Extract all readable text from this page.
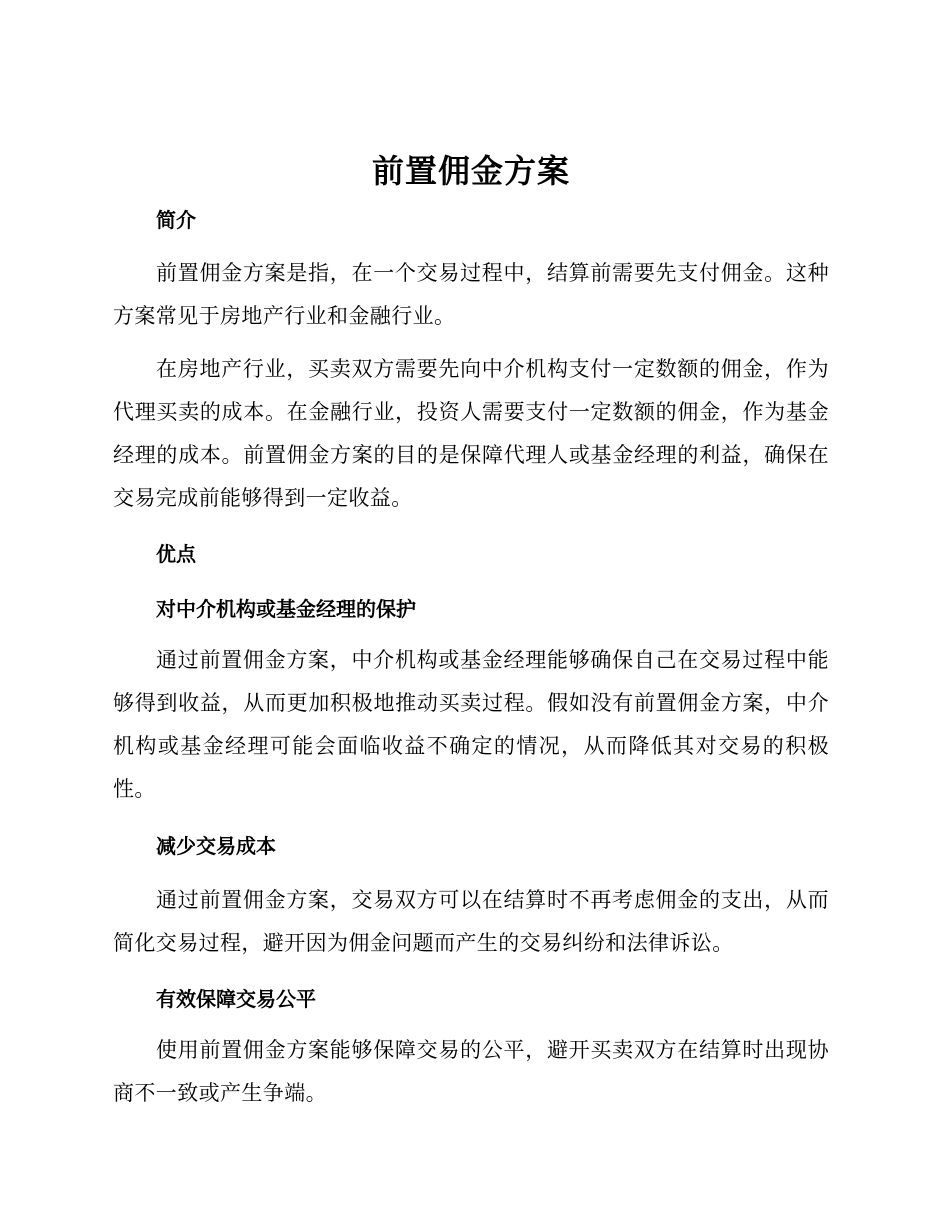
前置佣金方案
简介

前置佣金方案是指，在一个交易过程中，结算前需要先支付佣金。这种方案常见于房地产行业和金融行业。

在房地产行业，买卖双方需要先向中介机构支付一定数额的佣金，作为代理买卖的成本。在金融行业，投资人需要支付一定数额的佣金，作为基金经理的成本。前置佣金方案的目的是保障代理人或基金经理的利益，确保在交易完成前能够得到一定收益。

优点
对中介机构或基金经理的保护

通过前置佣金方案，中介机构或基金经理能够确保自己在交易过程中能够得到收益，从而更加积极地推动买卖过程。假如没有前置佣金方案，中介机构或基金经理可能会面临收益不确定的情况，从而降低其对交易的积极性。

减少交易成本

通过前置佣金方案，交易双方可以在结算时不再考虑佣金的支出，从而简化交易过程，避开因为佣金问题而产生的交易纠纷和法律诉讼。

有效保障交易公平

使用前置佣金方案能够保障交易的公平，避开买卖双方在结算时出现协商不一致或产生争端。
